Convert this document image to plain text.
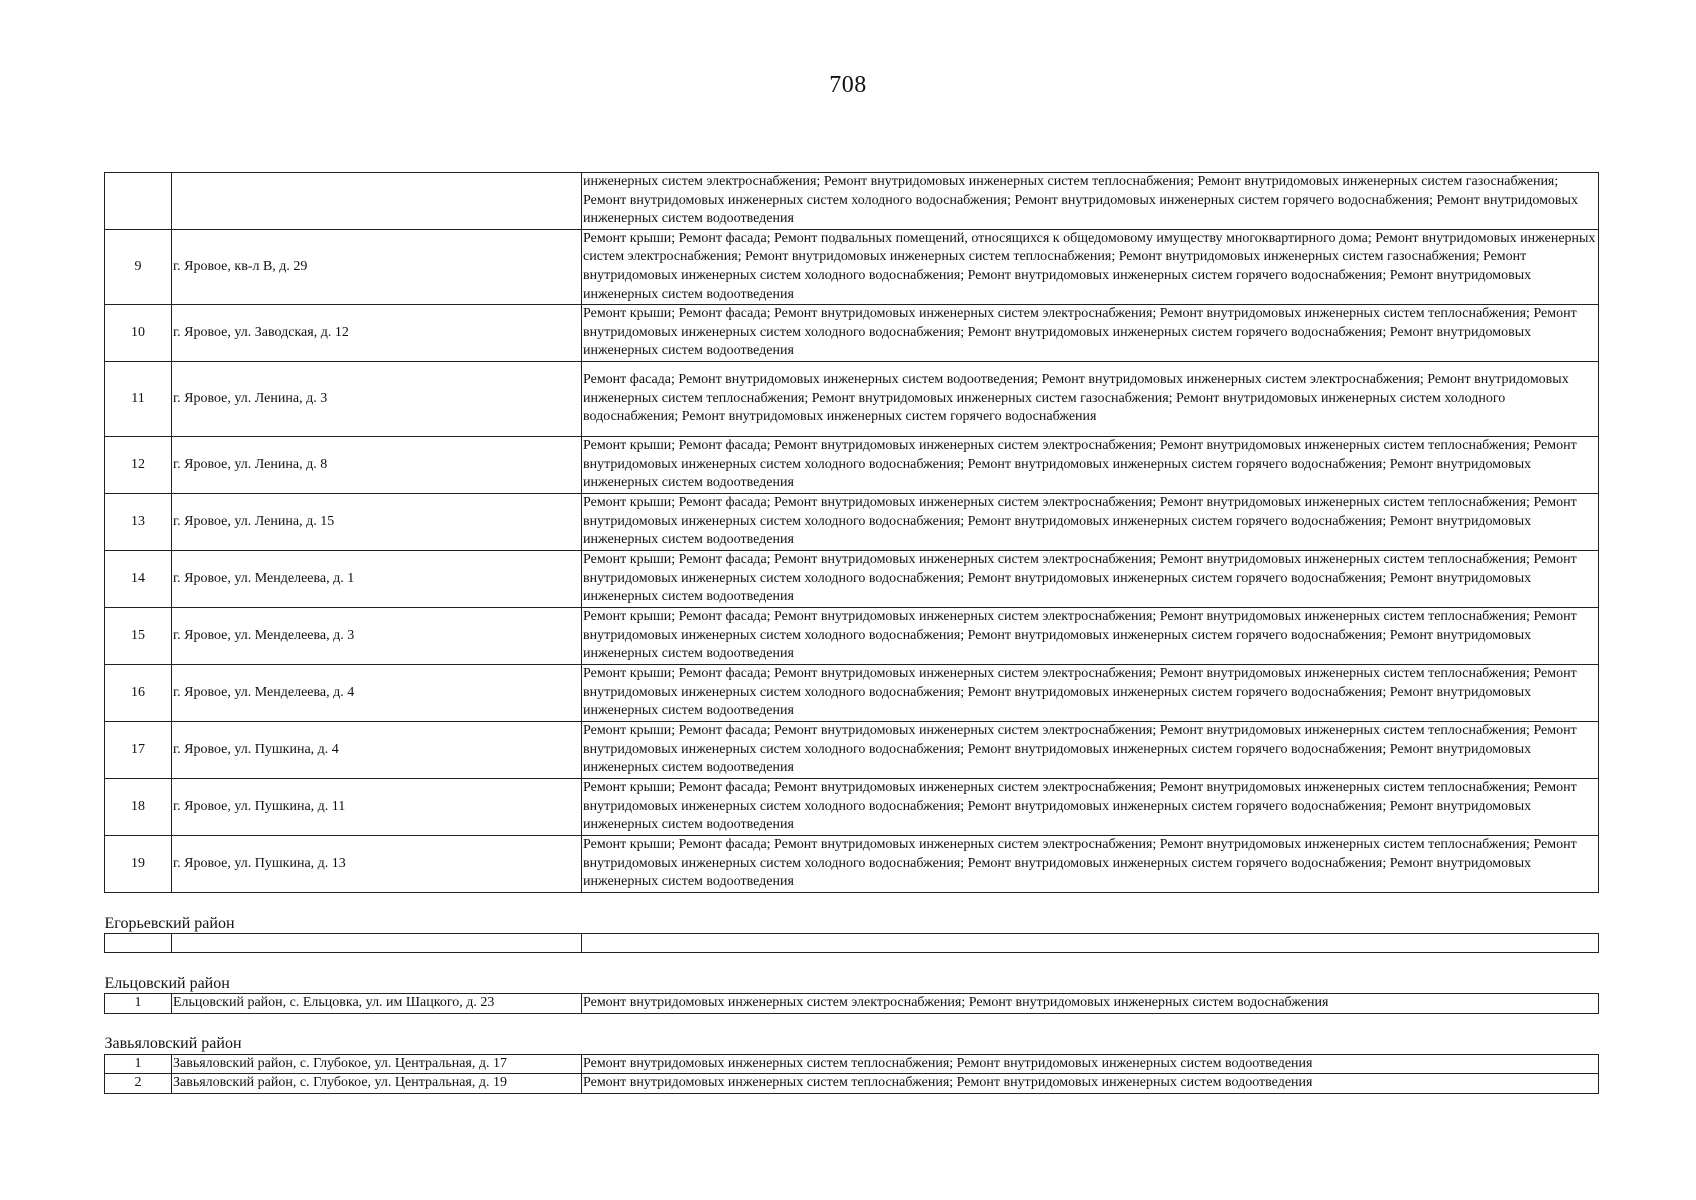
708
		инженерных систем электроснабжения; Ремонт внутридомовых инженерных систем теплоснабжения; Ремонт внутридомовых инженерных систем газоснабжения; Ремонт внутридомовых инженерных систем холодного водоснабжения; Ремонт внутридомовых инженерных систем горячего водоснабжения; Ремонт внутридомовых инженерных систем водоотведения
9	г. Яровое, кв-л В, д. 29	Ремонт крыши; Ремонт фасада; Ремонт подвальных помещений, относящихся к общедомовому имуществу многоквартирного дома; Ремонт внутридомовых инженерных систем электроснабжения; Ремонт внутридомовых инженерных систем теплоснабжения; Ремонт внутридомовых инженерных систем газоснабжения; Ремонт внутридомовых инженерных систем холодного водоснабжения; Ремонт внутридомовых инженерных систем горячего водоснабжения; Ремонт внутридомовых инженерных систем водоотведения
10	г. Яровое, ул. Заводская, д. 12	Ремонт крыши; Ремонт фасада; Ремонт внутридомовых инженерных систем электроснабжения; Ремонт внутридомовых инженерных систем теплоснабжения; Ремонт внутридомовых инженерных систем холодного водоснабжения; Ремонт внутридомовых инженерных систем горячего водоснабжения; Ремонт внутридомовых инженерных систем водоотведения
11	г. Яровое, ул. Ленина, д. 3	Ремонт фасада; Ремонт внутридомовых инженерных систем водоотведения; Ремонт внутридомовых инженерных систем электроснабжения; Ремонт внутридомовых инженерных систем теплоснабжения; Ремонт внутридомовых инженерных систем газоснабжения; Ремонт внутридомовых инженерных систем холодного водоснабжения; Ремонт внутридомовых инженерных систем горячего водоснабжения
12	г. Яровое, ул. Ленина, д. 8	Ремонт крыши; Ремонт фасада; Ремонт внутридомовых инженерных систем электроснабжения; Ремонт внутридомовых инженерных систем теплоснабжения; Ремонт внутридомовых инженерных систем холодного водоснабжения; Ремонт внутридомовых инженерных систем горячего водоснабжения; Ремонт внутридомовых инженерных систем водоотведения
13	г. Яровое, ул. Ленина, д. 15	Ремонт крыши; Ремонт фасада; Ремонт внутридомовых инженерных систем электроснабжения; Ремонт внутридомовых инженерных систем теплоснабжения; Ремонт внутридомовых инженерных систем холодного водоснабжения; Ремонт внутридомовых инженерных систем горячего водоснабжения; Ремонт внутридомовых инженерных систем водоотведения
14	г. Яровое, ул. Менделеева, д. 1	Ремонт крыши; Ремонт фасада; Ремонт внутридомовых инженерных систем электроснабжения; Ремонт внутридомовых инженерных систем теплоснабжения; Ремонт внутридомовых инженерных систем холодного водоснабжения; Ремонт внутридомовых инженерных систем горячего водоснабжения; Ремонт внутридомовых инженерных систем водоотведения
15	г. Яровое, ул. Менделеева, д. 3	Ремонт крыши; Ремонт фасада; Ремонт внутридомовых инженерных систем электроснабжения; Ремонт внутридомовых инженерных систем теплоснабжения; Ремонт внутридомовых инженерных систем холодного водоснабжения; Ремонт внутридомовых инженерных систем горячего водоснабжения; Ремонт внутридомовых инженерных систем водоотведения
16	г. Яровое, ул. Менделеева, д. 4	Ремонт крыши; Ремонт фасада; Ремонт внутридомовых инженерных систем электроснабжения; Ремонт внутридомовых инженерных систем теплоснабжения; Ремонт внутридомовых инженерных систем холодного водоснабжения; Ремонт внутридомовых инженерных систем горячего водоснабжения; Ремонт внутридомовых инженерных систем водоотведения
17	г. Яровое, ул. Пушкина, д. 4	Ремонт крыши; Ремонт фасада; Ремонт внутридомовых инженерных систем электроснабжения; Ремонт внутридомовых инженерных систем теплоснабжения; Ремонт внутридомовых инженерных систем холодного водоснабжения; Ремонт внутридомовых инженерных систем горячего водоснабжения; Ремонт внутридомовых инженерных систем водоотведения
18	г. Яровое, ул. Пушкина, д. 11	Ремонт крыши; Ремонт фасада; Ремонт внутридомовых инженерных систем электроснабжения; Ремонт внутридомовых инженерных систем теплоснабжения; Ремонт внутридомовых инженерных систем холодного водоснабжения; Ремонт внутридомовых инженерных систем горячего водоснабжения; Ремонт внутридомовых инженерных систем водоотведения
19	г. Яровое, ул. Пушкина, д. 13	Ремонт крыши; Ремонт фасада; Ремонт внутридомовых инженерных систем электроснабжения; Ремонт внутридомовых инженерных систем теплоснабжения; Ремонт внутридомовых инженерных систем холодного водоснабжения; Ремонт внутридомовых инженерных систем горячего водоснабжения; Ремонт внутридомовых инженерных систем водоотведения
Егорьевский район		

Ельцовский район		
1	Ельцовский район, с. Ельцовка, ул. им Шацкого, д. 23	Ремонт внутридомовых инженерных систем электроснабжения; Ремонт внутридомовых инженерных систем водоснабжения
Завьяловский район		
1	Завьяловский район, с. Глубокое, ул. Центральная, д. 17	Ремонт внутридомовых инженерных систем теплоснабжения; Ремонт внутридомовых инженерных систем водоотведения
2	Завьяловский район, с. Глубокое, ул. Центральная, д. 19	Ремонт внутридомовых инженерных систем теплоснабжения; Ремонт внутридомовых инженерных систем водоотведения
